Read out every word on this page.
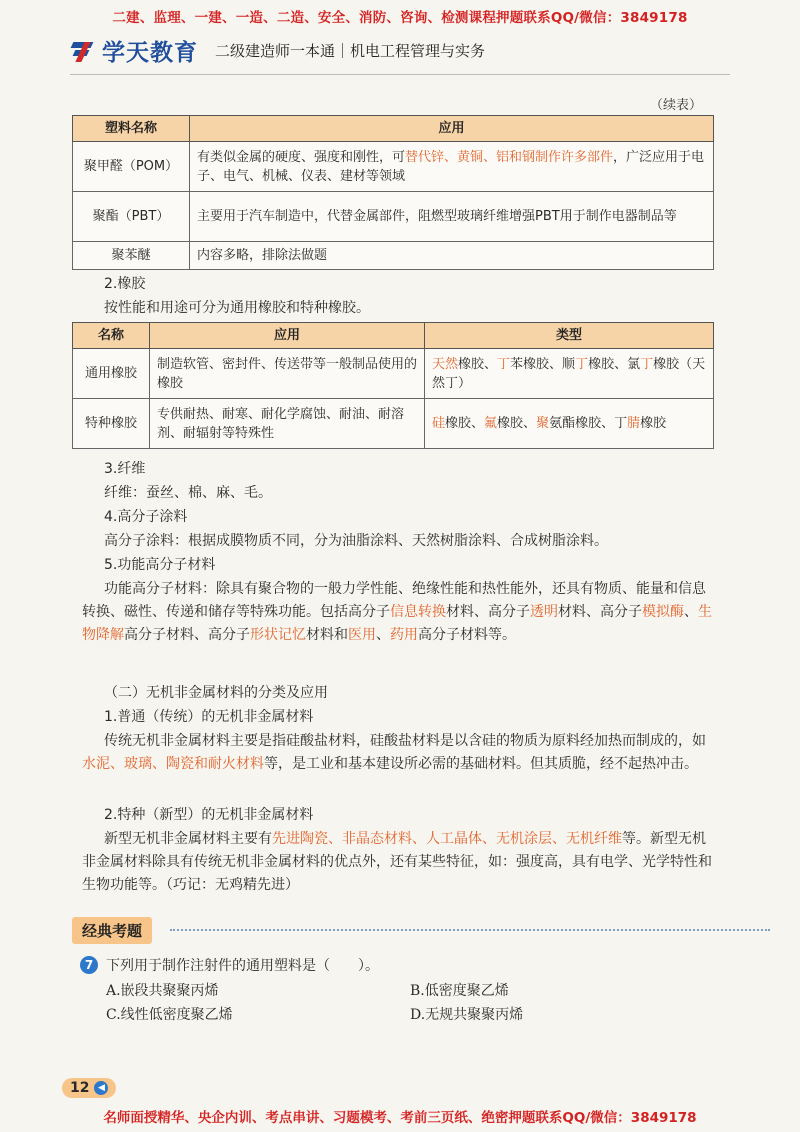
二建、监理、一建、一造、二造、安全、消防、咨询、检测课程押题联系QQ/微信：3849178
学天教育 二级建造师一本通｜机电工程管理与实务
（续表）
塑料名称	应用
聚甲醛（POM）	有类似金属的硬度、强度和刚性，可替代锌、黄铜、铝和钢制作许多部件，广泛应用于电子、电气、机械、仪表、建材等领域
聚酯（PBT）	主要用于汽车制造中，代替金属部件，阻燃型玻璃纤维增强PBT用于制作电器制品等
聚苯醚	内容多略，排除法做题
2.橡胶
按性能和用途可分为通用橡胶和特种橡胶。
名称	应用	类型
通用橡胶	制造软管、密封件、传送带等一般制品使用的橡胶	天然橡胶、丁苯橡胶、顺丁橡胶、氯丁橡胶（天然丁）
特种橡胶	专供耐热、耐寒、耐化学腐蚀、耐油、耐溶剂、耐辐射等特殊性	硅橡胶、氟橡胶、聚氨酯橡胶、丁腈橡胶
3.纤维
纤维：蚕丝、棉、麻、毛。
4.高分子涂料
高分子涂料：根据成膜物质不同，分为油脂涂料、天然树脂涂料、合成树脂涂料。
5.功能高分子材料
功能高分子材料：除具有聚合物的一般力学性能、绝缘性能和热性能外，还具有物质、能量和信息转换、磁性、传递和储存等特殊功能。包括高分子信息转换材料、高分子透明材料、高分子模拟酶、生物降解高分子材料、高分子形状记忆材料和医用、药用高分子材料等。
（二）无机非金属材料的分类及应用
1.普通（传统）的无机非金属材料
传统无机非金属材料主要是指硅酸盐材料，硅酸盐材料是以含硅的物质为原料经加热而制成的，如水泥、玻璃、陶瓷和耐火材料等，是工业和基本建设所必需的基础材料。但其质脆，经不起热冲击。
2.特种（新型）的无机非金属材料
新型无机非金属材料主要有先进陶瓷、非晶态材料、人工晶体、无机涂层、无机纤维等。新型无机非金属材料除具有传统无机非金属材料的优点外，还有某些特征，如：强度高，具有电学、光学特性和生物功能等。（巧记：无鸡精先进）
经典考题
7 下列用于制作注射件的通用塑料是（　　）。
A.嵌段共聚聚丙烯	B.低密度聚乙烯
C.线性低密度聚乙烯	D.无规共聚聚丙烯
12 ◀
名师面授精华、央企内训、考点串讲、习题模考、考前三页纸、绝密押题联系QQ/微信：3849178
